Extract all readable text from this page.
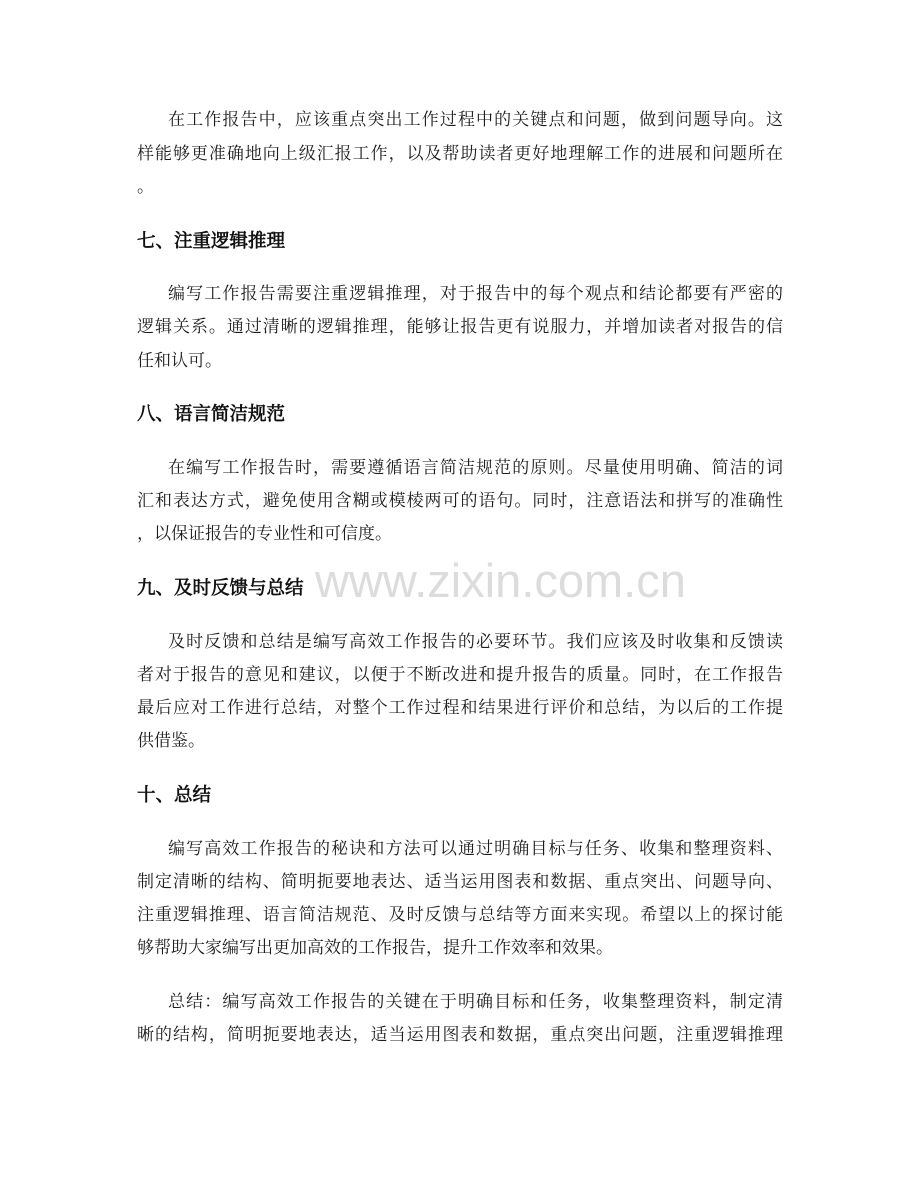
www.zixin.com.cn
在工作报告中，应该重点突出工作过程中的关键点和问题，做到问题导向。这
样能够更准确地向上级汇报工作，以及帮助读者更好地理解工作的进展和问题所在
。
七、注重逻辑推理
编写工作报告需要注重逻辑推理，对于报告中的每个观点和结论都要有严密的
逻辑关系。通过清晰的逻辑推理，能够让报告更有说服力，并增加读者对报告的信
任和认可。
八、语言简洁规范
在编写工作报告时，需要遵循语言简洁规范的原则。尽量使用明确、简洁的词
汇和表达方式，避免使用含糊或模棱两可的语句。同时，注意语法和拼写的准确性
，以保证报告的专业性和可信度。
九、及时反馈与总结
及时反馈和总结是编写高效工作报告的必要环节。我们应该及时收集和反馈读
者对于报告的意见和建议，以便于不断改进和提升报告的质量。同时，在工作报告
最后应对工作进行总结，对整个工作过程和结果进行评价和总结，为以后的工作提
供借鉴。
十、总结
编写高效工作报告的秘诀和方法可以通过明确目标与任务、收集和整理资料、
制定清晰的结构、简明扼要地表达、适当运用图表和数据、重点突出、问题导向、
注重逻辑推理、语言简洁规范、及时反馈与总结等方面来实现。希望以上的探讨能
够帮助大家编写出更加高效的工作报告，提升工作效率和效果。
总结：编写高效工作报告的关键在于明确目标和任务，收集整理资料，制定清
晰的结构，简明扼要地表达，适当运用图表和数据，重点突出问题，注重逻辑推理
